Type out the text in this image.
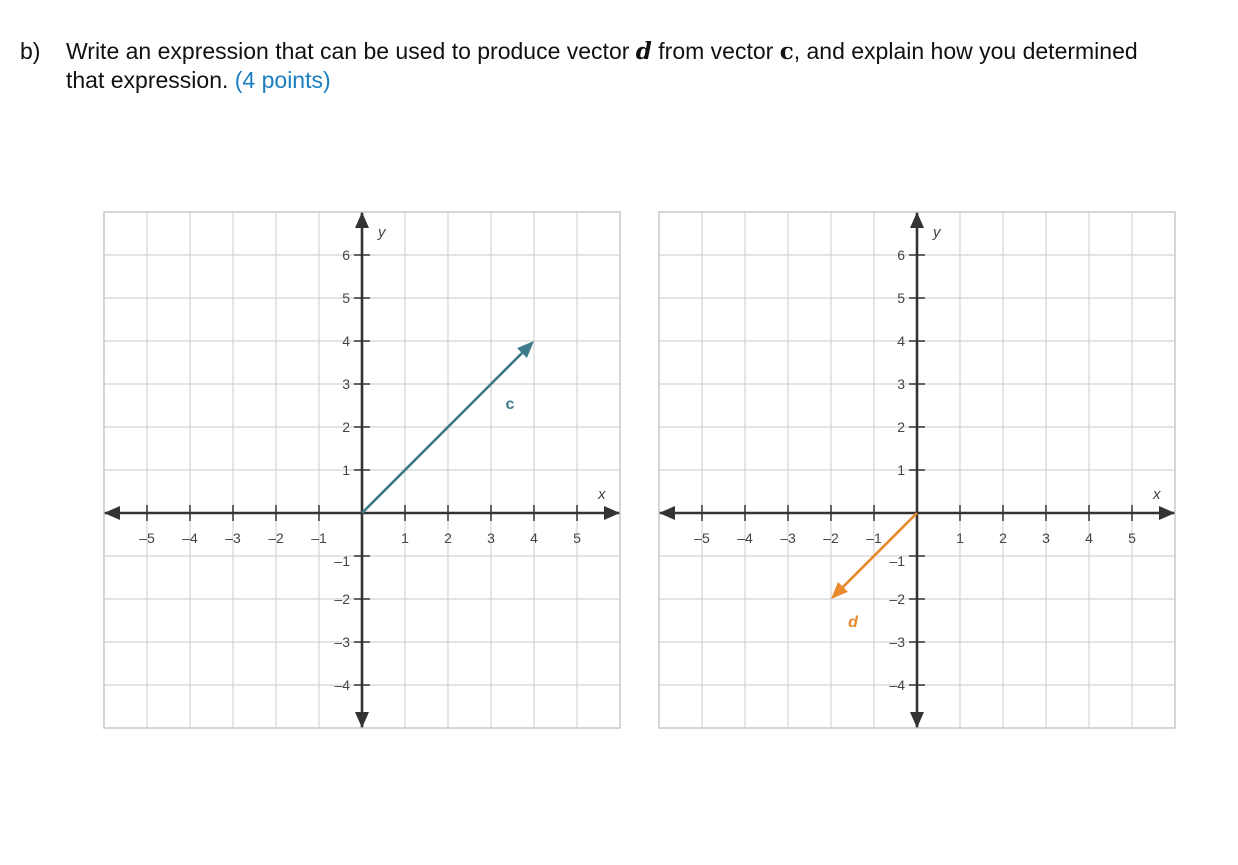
b) Write an expression that can be used to produce vector d from vector c, and explain how you determined that expression. (4 points)
x
y
–5 –4 –3 –2 –1	1	2	3	4	5
6
5
4
3
2
1
–1
–2
–3
–4
c
x
y
–5 –4 –3 –2 –1	1	2	3	4	5
6
5
4
3
2
1
–1
–2
–3
–4
d
